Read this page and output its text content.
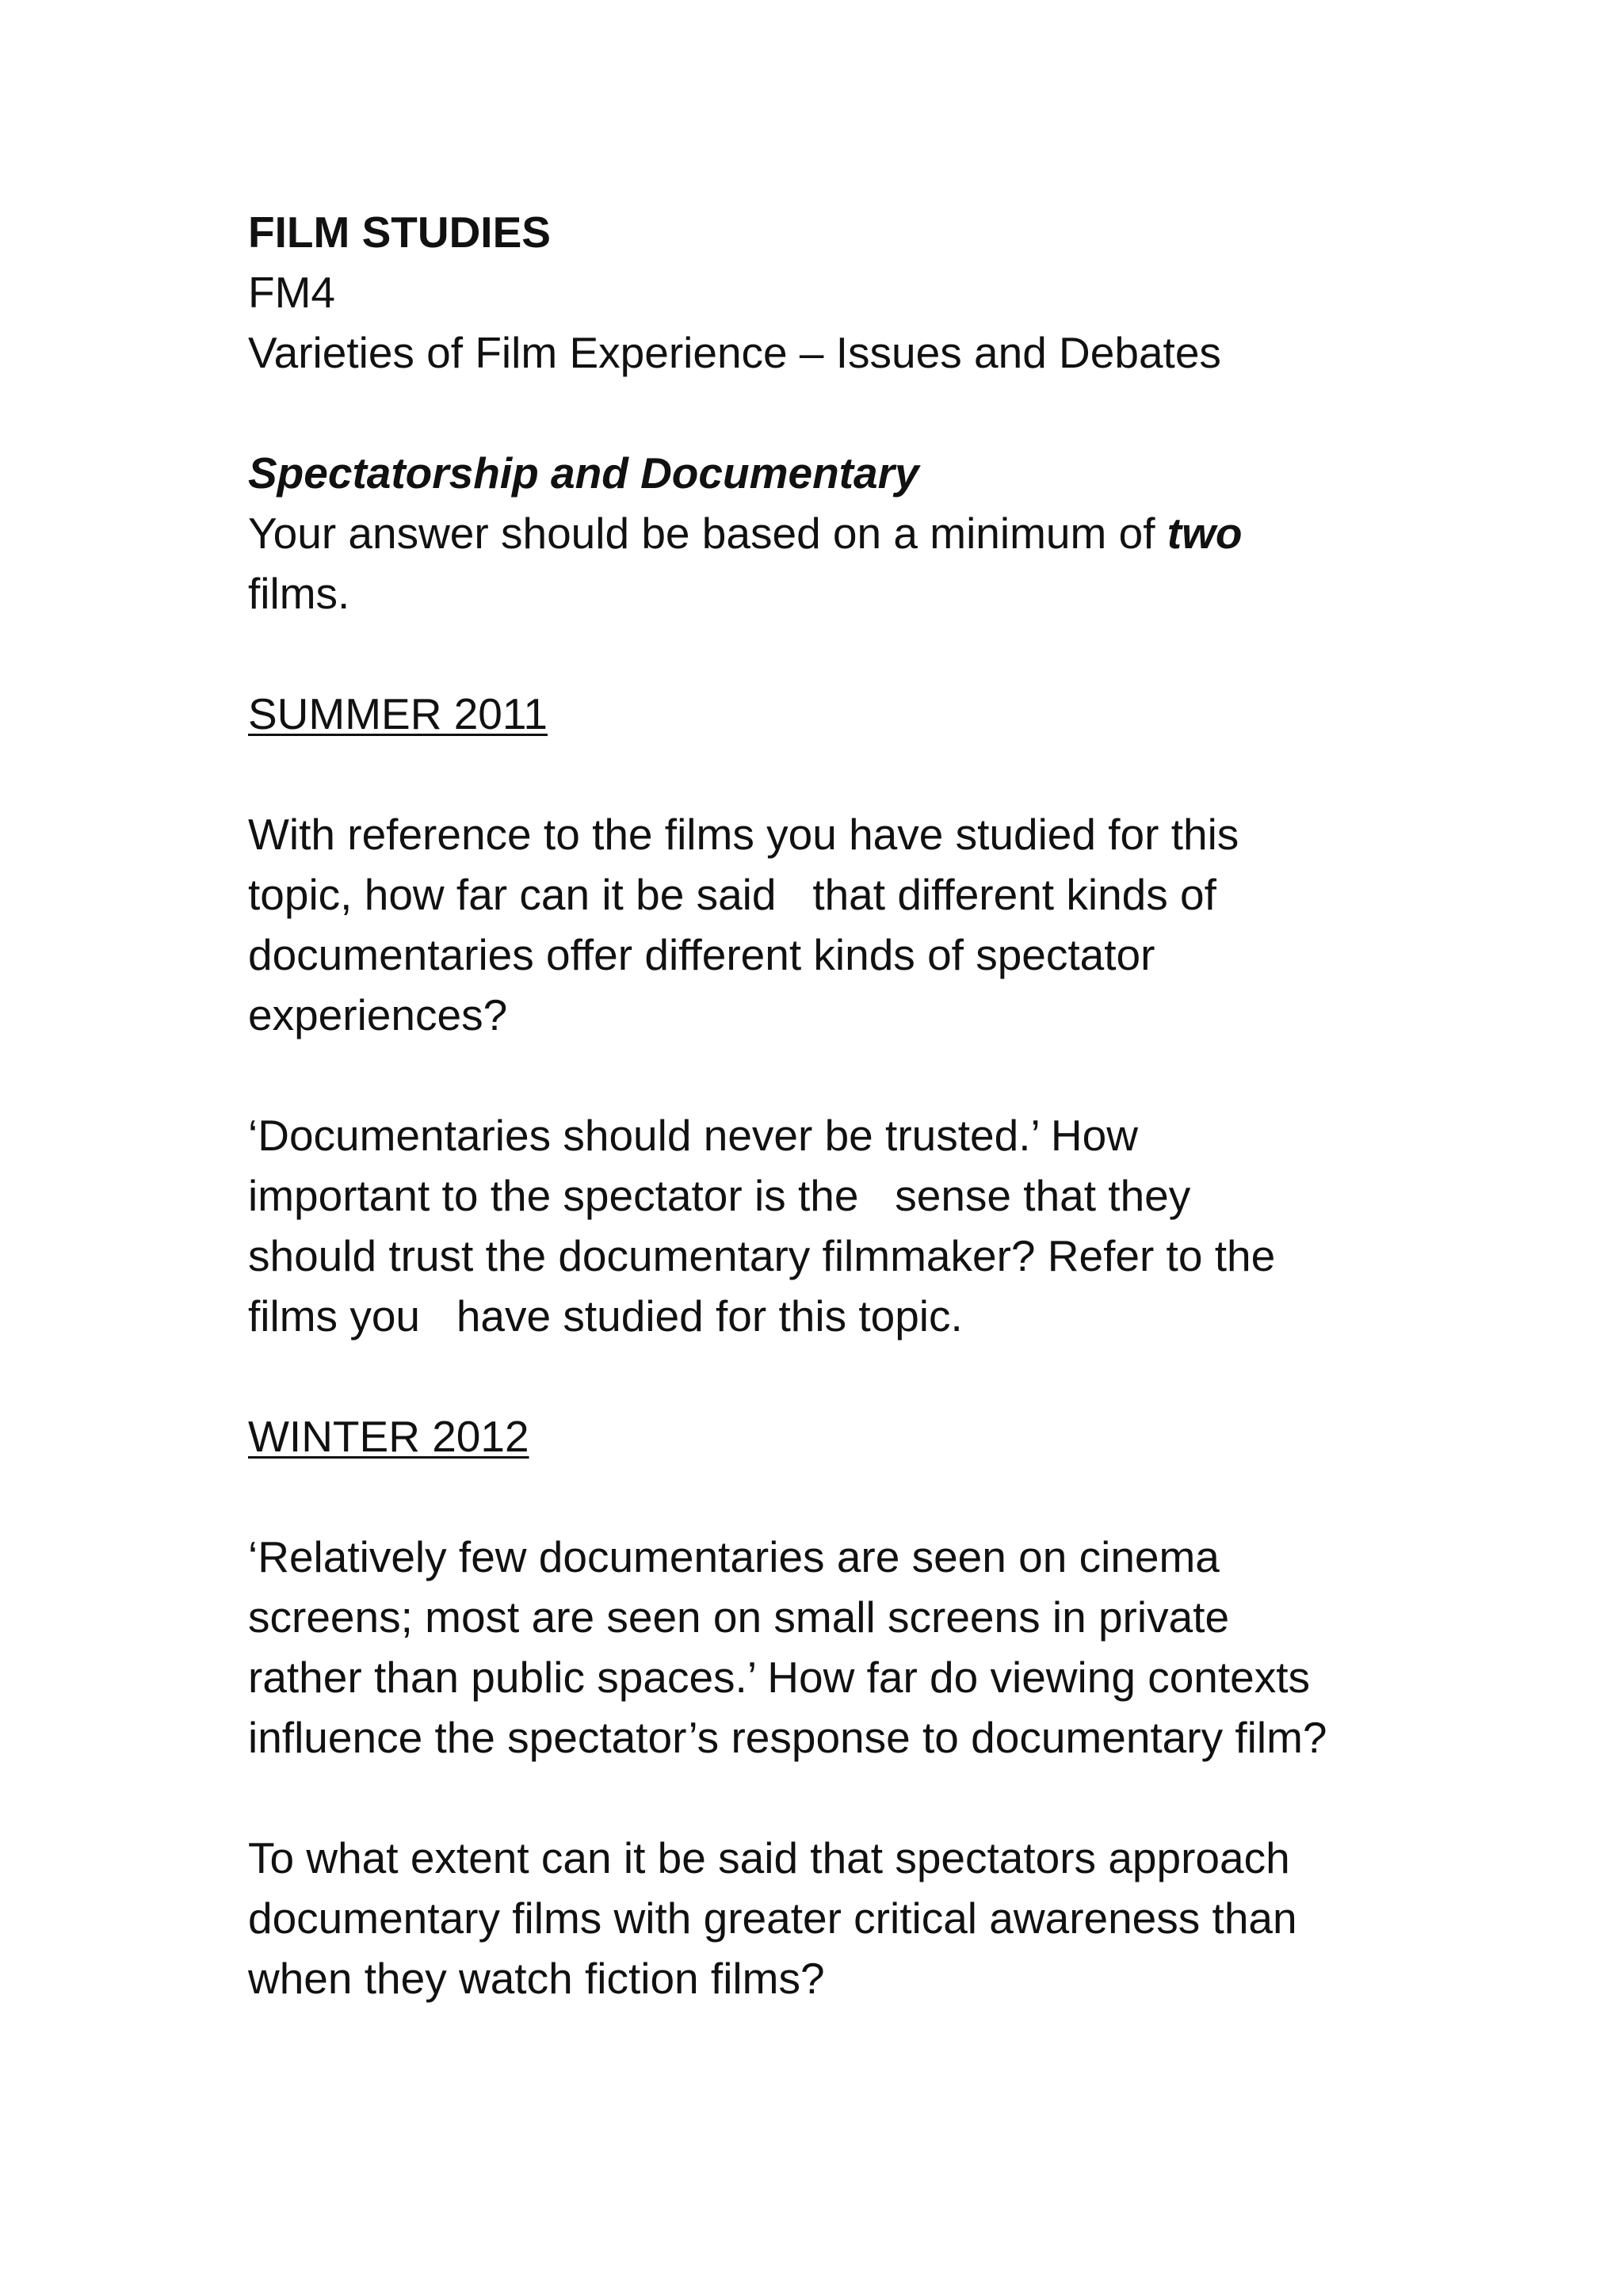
FILM STUDIES
FM4
Varieties of Film Experience – Issues and Debates
Spectatorship and Documentary
Your answer should be based on a minimum of two
films.
SUMMER 2011
With reference to the films you have studied for this
topic, how far can it be said   that different kinds of
documentaries offer different kinds of spectator
experiences?
‘Documentaries should never be trusted.’ How
important to the spectator is the   sense that they
should trust the documentary filmmaker? Refer to the
films you   have studied for this topic.
WINTER 2012
‘Relatively few documentaries are seen on cinema
screens; most are seen on small screens in private
rather than public spaces.’ How far do viewing contexts
influence the spectator’s response to documentary film?
To what extent can it be said that spectators approach
documentary films with greater critical awareness than
when they watch fiction films?
